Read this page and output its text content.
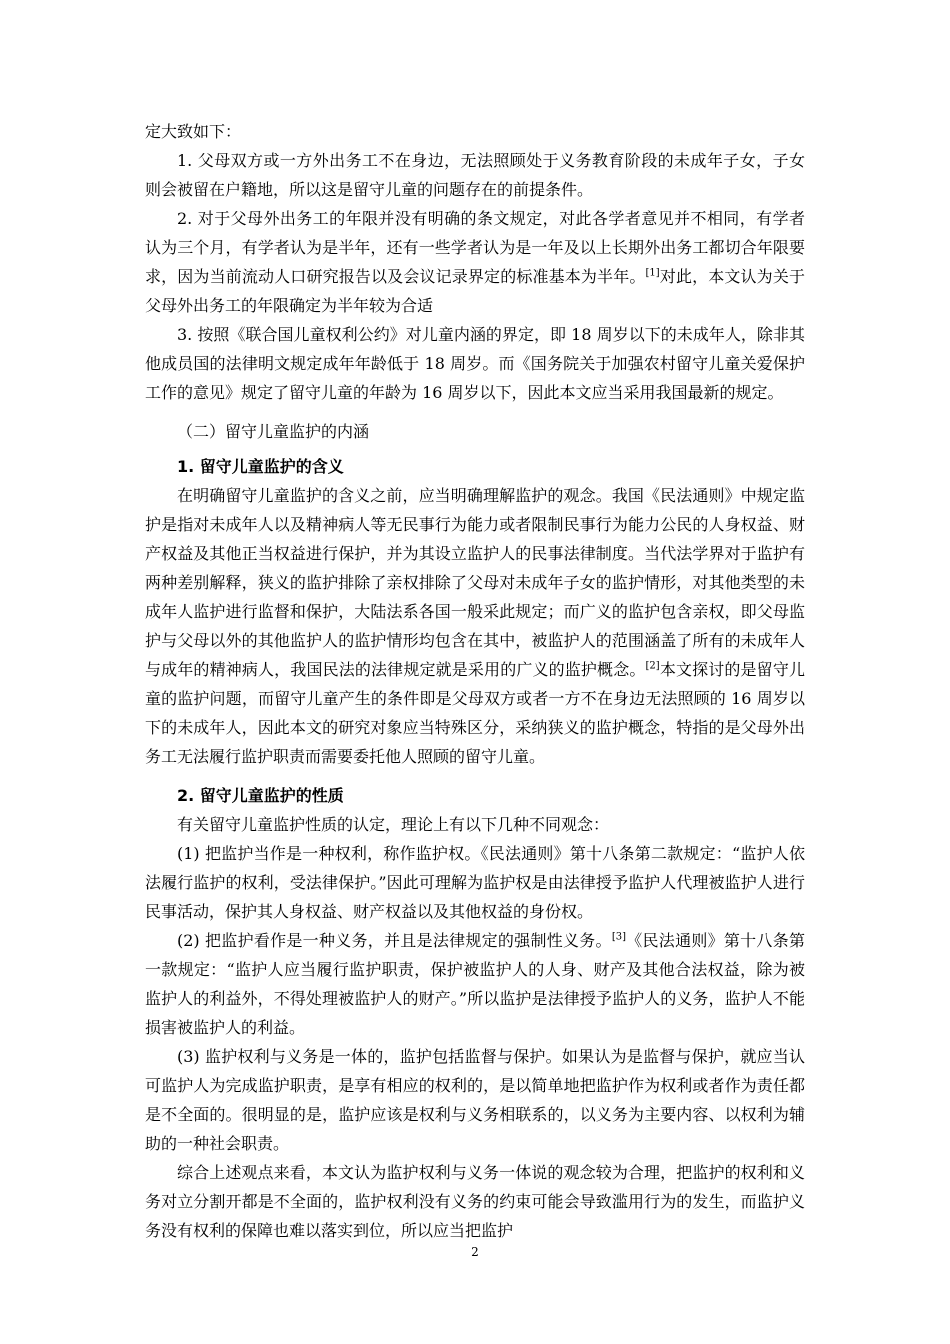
定大致如下：

1. 父母双方或一方外出务工不在身边，无法照顾处于义务教育阶段的未成年子女，子女则会被留在户籍地，所以这是留守儿童的问题存在的前提条件。

2. 对于父母外出务工的年限并没有明确的条文规定，对此各学者意见并不相同，有学者认为三个月，有学者认为是半年，还有一些学者认为是一年及以上长期外出务工都切合年限要求，因为当前流动人口研究报告以及会议记录界定的标准基本为半年。[1]对此，本文认为关于父母外出务工的年限确定为半年较为合适

3. 按照《联合国儿童权利公约》对儿童内涵的界定，即 18 周岁以下的未成年人，除非其他成员国的法律明文规定成年年龄低于 18 周岁。而《国务院关于加强农村留守儿童关爱保护工作的意见》规定了留守儿童的年龄为 16 周岁以下，因此本文应当采用我国最新的规定。

（二）留守儿童监护的内涵

1. 留守儿童监护的含义

在明确留守儿童监护的含义之前，应当明确理解监护的观念。我国《民法通则》中规定监护是指对未成年人以及精神病人等无民事行为能力或者限制民事行为能力公民的人身权益、财产权益及其他正当权益进行保护，并为其设立监护人的民事法律制度。当代法学界对于监护有两种差别解释，狭义的监护排除了亲权排除了父母对未成年子女的监护情形，对其他类型的未成年人监护进行监督和保护，大陆法系各国一般采此规定；而广义的监护包含亲权，即父母监护与父母以外的其他监护人的监护情形均包含在其中，被监护人的范围涵盖了所有的未成年人与成年的精神病人，我国民法的法律规定就是采用的广义的监护概念。[2]本文探讨的是留守儿童的监护问题，而留守儿童产生的条件即是父母双方或者一方不在身边无法照顾的 16 周岁以下的未成年人，因此本文的研究对象应当特殊区分，采纳狭义的监护概念，特指的是父母外出务工无法履行监护职责而需要委托他人照顾的留守儿童。

2. 留守儿童监护的性质

有关留守儿童监护性质的认定，理论上有以下几种不同观念：

(1) 把监护当作是一种权利，称作监护权。《民法通则》第十八条第二款规定：“监护人依法履行监护的权利，受法律保护。”因此可理解为监护权是由法律授予监护人代理被监护人进行民事活动，保护其人身权益、财产权益以及其他权益的身份权。

(2) 把监护看作是一种义务，并且是法律规定的强制性义务。[3]《民法通则》第十八条第一款规定：“监护人应当履行监护职责，保护被监护人的人身、财产及其他合法权益，除为被监护人的利益外，不得处理被监护人的财产。”所以监护是法律授予监护人的义务，监护人不能损害被监护人的利益。

(3) 监护权利与义务是一体的，监护包括监督与保护。如果认为是监督与保护，就应当认可监护人为完成监护职责，是享有相应的权利的，是以简单地把监护作为权利或者作为责任都是不全面的。很明显的是，监护应该是权利与义务相联系的，以义务为主要内容、以权利为辅助的一种社会职责。

综合上述观点来看，本文认为监护权利与义务一体说的观念较为合理，把监护的权利和义务对立分割开都是不全面的，监护权利没有义务的约束可能会导致滥用行为的发生，而监护义务没有权利的保障也难以落实到位，所以应当把监护

2
